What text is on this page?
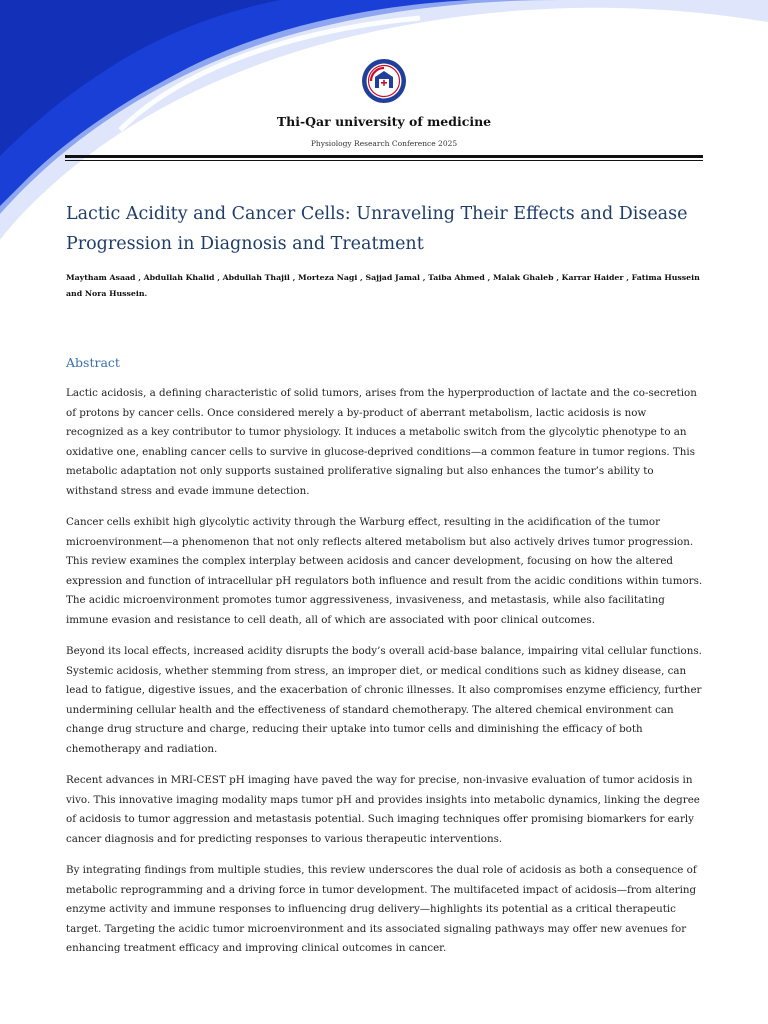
Thi-Qar university of medicine
Physiology Research Conference 2025
Lactic Acidity and Cancer Cells: Unraveling Their Effects and Disease Progression in Diagnosis and Treatment
Maytham Asaad , Abdullah Khalid , Abdullah Thajil , Morteza Nagi , Sajjad Jamal , Taiba Ahmed , Malak Ghaleb , Karrar Haider , Fatima Hussein and Nora Hussein.
Abstract

Lactic acidosis, a defining characteristic of solid tumors, arises from the hyperproduction of lactate and the co-secretion of protons by cancer cells. Once considered merely a by-product of aberrant metabolism, lactic acidosis is now recognized as a key contributor to tumor physiology. It induces a metabolic switch from the glycolytic phenotype to an oxidative one, enabling cancer cells to survive in glucose-deprived conditions—a common feature in tumor regions. This metabolic adaptation not only supports sustained proliferative signaling but also enhances the tumor’s ability to withstand stress and evade immune detection.

Cancer cells exhibit high glycolytic activity through the Warburg effect, resulting in the acidification of the tumor microenvironment—a phenomenon that not only reflects altered metabolism but also actively drives tumor progression. This review examines the complex interplay between acidosis and cancer development, focusing on how the altered expression and function of intracellular pH regulators both influence and result from the acidic conditions within tumors. The acidic microenvironment promotes tumor aggressiveness, invasiveness, and metastasis, while also facilitating immune evasion and resistance to cell death, all of which are associated with poor clinical outcomes.

Beyond its local effects, increased acidity disrupts the body’s overall acid-base balance, impairing vital cellular functions. Systemic acidosis, whether stemming from stress, an improper diet, or medical conditions such as kidney disease, can lead to fatigue, digestive issues, and the exacerbation of chronic illnesses. It also compromises enzyme efficiency, further undermining cellular health and the effectiveness of standard chemotherapy. The altered chemical environment can change drug structure and charge, reducing their uptake into tumor cells and diminishing the efficacy of both chemotherapy and radiation.

Recent advances in MRI-CEST pH imaging have paved the way for precise, non-invasive evaluation of tumor acidosis in vivo. This innovative imaging modality maps tumor pH and provides insights into metabolic dynamics, linking the degree of acidosis to tumor aggression and metastasis potential. Such imaging techniques offer promising biomarkers for early cancer diagnosis and for predicting responses to various therapeutic interventions.

By integrating findings from multiple studies, this review underscores the dual role of acidosis as both a consequence of metabolic reprogramming and a driving force in tumor development. The multifaceted impact of acidosis—from altering enzyme activity and immune responses to influencing drug delivery—highlights its potential as a critical therapeutic target. Targeting the acidic tumor microenvironment and its associated signaling pathways may offer new avenues for enhancing treatment efficacy and improving clinical outcomes in cancer.
